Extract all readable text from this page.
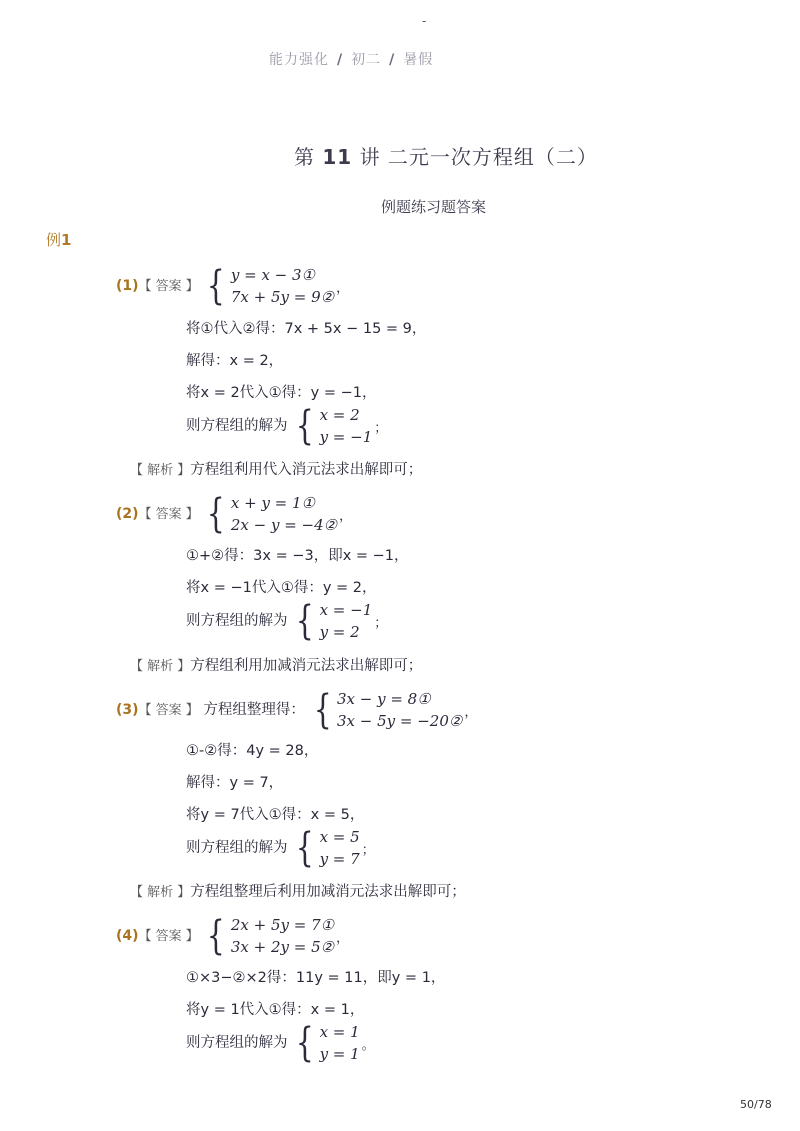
-
能力强化 / 初二 / 暑假
第 11 讲 二元一次方程组（二）
例题练习题答案
例1
(1)【 答案 】 { y = x − 3①
7x + 5y = 9② ，
将①代入②得：7x + 5x − 15 = 9，
解得：x = 2，
将x = 2代入①得：y = −1，
则方程组的解为 { x = 2
y = −1 ；
【 解析 】方程组利用代入消元法求出解即可；
(2)【 答案 】 { x + y = 1①
2x − y = −4② ，
①+②得：3x = −3，即x = −1，
将x = −1代入①得：y = 2，
则方程组的解为 { x = −1
y = 2	；
【 解析 】方程组利用加减消元法求出解即可；
(3)【 答案 】 方程组整理得： { 3x − y = 8①
3x − 5y = −20② ，
①-②得：4y = 28，
解得：y = 7，
将y = 7代入①得：x = 5，
则方程组的解为 { x = 5
y = 7 ；
【 解析 】方程组整理后利用加减消元法求出解即可；
(4)【 答案 】 { 2x + 5y = 7①
3x + 2y = 5② ，
①×3−②×2得：11y = 11，即y = 1，
将y = 1代入①得：x = 1，
则方程组的解为 { x = 1
y = 1 。
50/78
